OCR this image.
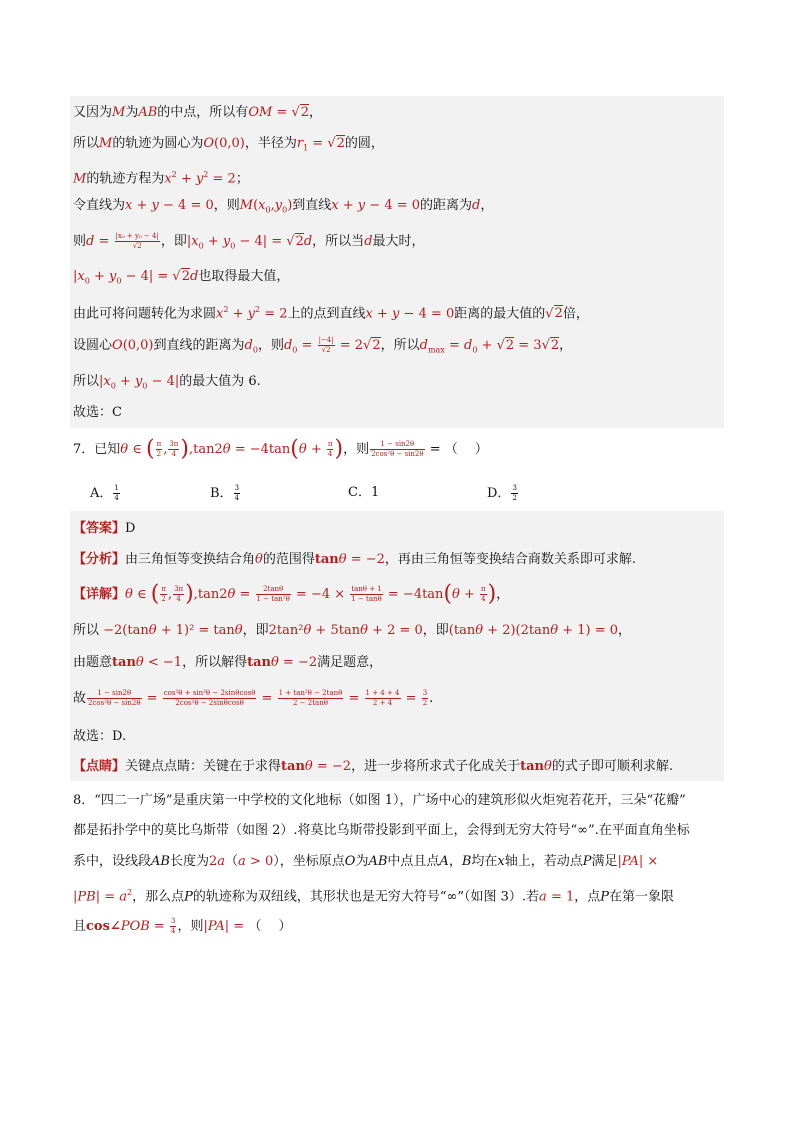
又因为M为AB的中点，所以有OM = √2，
所以M的轨迹为圆心为O(0,0)，半径为$r_1 = √2$的圆，
M的轨迹方程为$x^2 + y^2 = 2$；
令直线为x + y − 4 = 0，则$M(x_0,y_0)$到直线x + y − 4 = 0的距离为d，
则$d = \frac{\text{|x₀ + y₀ − 4|}}{√2}$ ，即$|x_0 + y_0 - 4| = √2d$，所以当d最大时，
$|x_0 + y_0 - 4| = √2d$也取得最大值，
由此可将问题转化为求圆$x^2 + y^2 = 2$上的点到直线x + y − 4 = 0距离的最大值的√2倍，
设圆心O(0,0)到直线的距离为$d_0$，则$d_0 = \frac{|-4|}{√2} = 2√2$，所以$d_{max} = d_0 + √2 = 3√2$，
所以$|x_0 + y_0 - 4|$的最大值为 6.
故选：C
7．已知θ ∈ ( $\frac{\pi}{2}$ , $\frac{3\pi}{4} ),\tan 2\theta = -4\tan(\theta + \frac{\pi}{4}$ )，则 $\frac{1 - \sin 2\theta}{\text{2cos²θ − sin2θ}}$ = （　 ）
A． $\frac{1}{4}$	B． $\frac{3}{4}$	C．1	D． $\frac{3}{2}$
【答案】D
【分析】由三角恒等变换结合角θ的范围得tanθ = −2，再由三角恒等变换结合商数关系即可求解.
【详解】θ ∈ ( $\frac{\pi}{2}$ , $\frac{3\pi}{4} ),\tan 2\theta = \frac{2\tan\theta}{\text{1 − tan²θ}} = -4 \times \frac{\tan\theta + 1}{1 - \tan\theta} = -4\tan(\theta + \frac{\pi}{4}$ )，
所以 −2(tanθ + 1)² = tanθ，即2tan²θ + 5tanθ + 2 = 0，即(tanθ + 2)(2tanθ + 1) = 0，
由题意tanθ < −1，所以解得tanθ = −2满足题意，
故 $\frac{1 - \sin 2\theta}{\text{2cos²θ − sin2θ}} = \frac{\text{cos²θ + sin²θ − 2sinθcosθ}}{\text{2cos²θ − 2sinθcosθ}} = \frac{\text{1 + tan²θ − 2tanθ}}{2 - 2\tan\theta} = \frac{1 + 4 + 4}{2 + 4} = \frac{3}{2}$ .
故选：D.
【点睛】关键点点睛：关键在于求得tanθ = −2，进一步将所求式子化成关于tanθ的式子即可顺利求解.
8．“四二一广场”是重庆第一中学校的文化地标（如图 1），广场中心的建筑形似火炬宛若花开，三朵“花瓣”
都是拓扑学中的莫比乌斯带（如图 2）.将莫比乌斯带投影到平面上，会得到无穷大符号“∞”.在平面直角坐标
系中，设线段AB长度为2a（a > 0），坐标原点O为AB中点且点A，B均在x轴上，若动点P满足|PA| ×
$|PB| = a^2$，那么点P的轨迹称为双纽线，其形状也是无穷大符号“∞”（如图 3）.若a = 1，点P在第一象限
且cos∠POB = $\frac{3}{4}$ ，则|PA| = （　 ）
